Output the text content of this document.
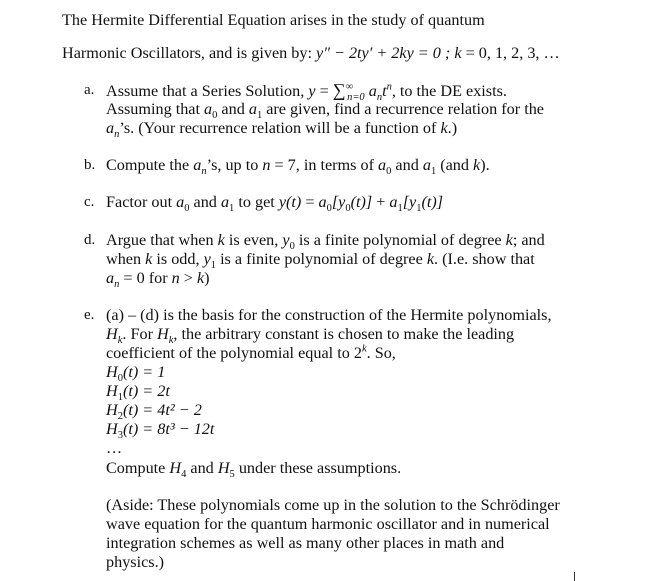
The Hermite Differential Equation arises in the study of quantum
Harmonic Oscillators, and is given by: y″ − 2ty′ + 2ky = 0 ; k = 0, 1, 2, 3, …
a. Assume that a Series Solution, $y = \sum^\infty_{n=0}$ $a_nt^n$, to the DE exists.
Assuming that $a_0$ and $a_1$ are given, find a recurrence relation for the
$a_n’s$. (Your recurrence relation will be a function of k.)
b. Compute the $a_n’s$, up to n = 7, in terms of $a_0$ and $a_1$ (and k).
c. Factor out $a_0$ and $a_1$ to get $y(t) = a_0[y_0(t)] + a_1[y_1(t)]$
d. Argue that when k is even, $y_0$ is a finite polynomial of degree k; and
when k is odd, $y_1$ is a finite polynomial of degree k. (I.e. show that
$a_n = 0$ for n > k)
e. (a) – (d) is the basis for the construction of the Hermite polynomials,
$H_k$. For $H_k$, the arbitrary constant is chosen to make the leading
coefficient of the polynomial equal to 2$^k$. So,
$H_0(t) = 1$
$H_1(t) = 2t$
$H_2(t) = 4t^2 - 2$
$H_3(t) = 8t^3 - 12t$
…
Compute $H_4$ and $H_5$ under these assumptions.
(Aside: These polynomials come up in the solution to the Schrödinger
wave equation for the quantum harmonic oscillator and in numerical
integration schemes as well as many other places in math and
physics.)
